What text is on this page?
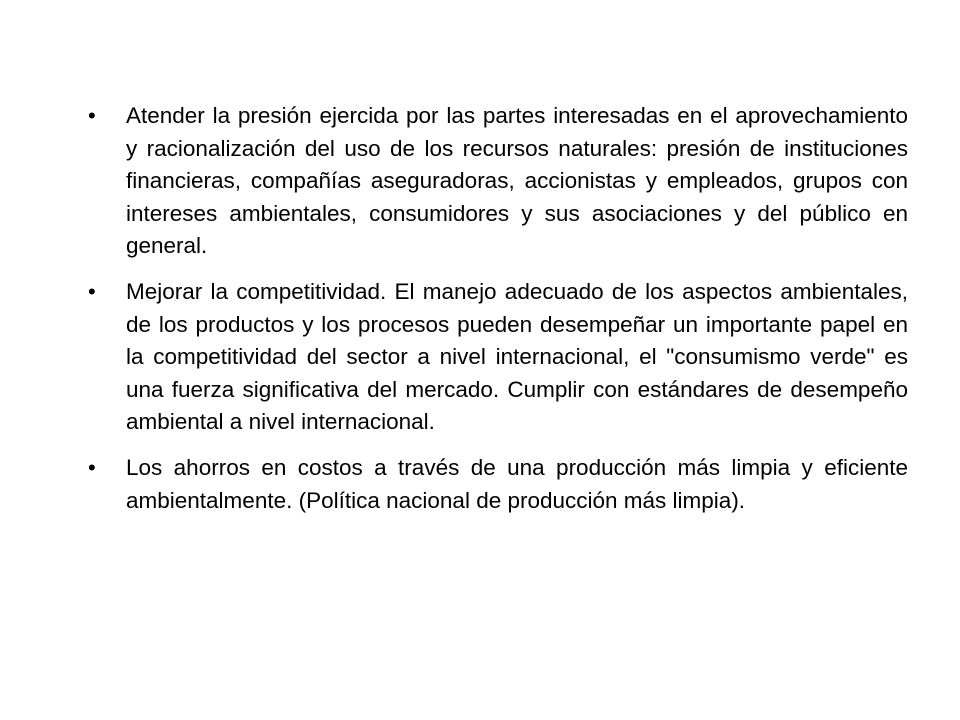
• Atender la presión ejercida por las partes interesadas en el aprovechamiento y racionalización del uso de los recursos naturales: presión de instituciones financieras, compañías aseguradoras, accionistas y empleados, grupos con intereses ambientales, consumidores y sus asociaciones y del público en general.
• Mejorar la competitividad. El manejo adecuado de los aspectos ambientales, de los productos y los procesos pueden desempeñar un importante papel en la competitividad del sector a nivel internacional, el "consumismo verde" es una fuerza significativa del mercado. Cumplir con estándares de desempeño ambiental a nivel internacional.
• Los ahorros en costos a través de una producción más limpia y eficiente ambientalmente. (Política nacional de producción más limpia).
